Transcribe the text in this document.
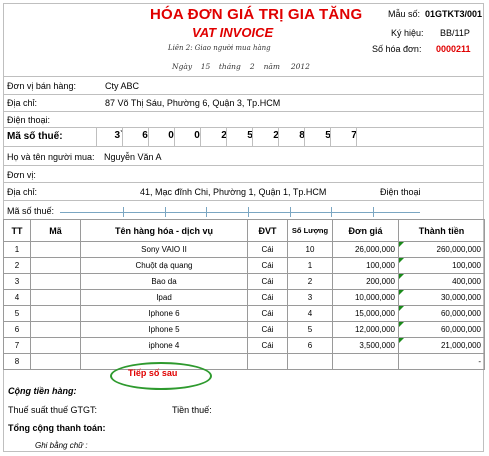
HÓA ĐƠN GIÁ TRỊ GIA TĂNG
VAT INVOICE
Liên 2: Giao người mua hàng
Ngày 15 tháng 2 năm 2012
Mẫu số: 01GTKT3/001
Ký hiệu: BB/11P
Số hóa đơn: 0000211
Đơn vị bán hàng:	Cty ABC
Địa chỉ:	87 Võ Thị Sáu, Phường 6, Quận 3, Tp.HCM
Điện thoại:
Mã số thuế:	3`	6	0	0	2	5	2	8	5	7
Họ và tên người mua: Nguyễn Văn A
Đơn vị:
Địa chỉ:	41, Mạc đĩnh Chi, Phường 1, Quận 1, Tp.HCM	Điện thoại
Mã số thuế:
TT	Mã	Tên hàng hóa - dịch vụ	ĐVT	Số Lượng	Đơn giá	Thành tiền
1		Sony VAIO II	Cái	10	26,000,000	260,000,000
2		Chuột dạ quang	Cái	1	100,000	100,000
3		Bao da	Cái	2	200,000	400,000
4		Ipad	Cái	3	10,000,000	30,000,000
5		Iphone 6	Cái	4	15,000,000	60,000,000
6		Iphone 5	Cái	5	12,000,000	60,000,000
7		iphone 4	Cái	6	3,500,000	21,000,000
8						-
Tiếp số sau
Cộng tiền hàng:
Thuế suất thuế GTGT:	Tiền thuế:
Tổng cộng thanh toán:
Ghi bằng chữ :
